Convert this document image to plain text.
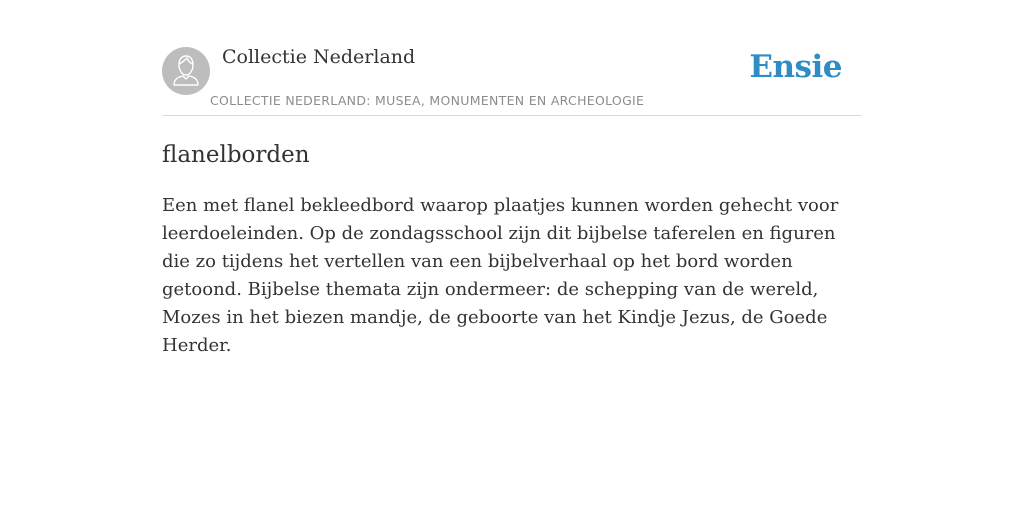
Collectie Nederland
COLLECTIE NEDERLAND: MUSEA, MONUMENTEN EN ARCHEOLOGIE
Ensie
flanelborden

Een met flanel bekleedbord waarop plaatjes kunnen worden gehecht voor leerdoeleinden. Op de zondagsschool zijn dit bijbelse taferelen en figuren die zo tijdens het vertellen van een bijbelverhaal op het bord worden getoond. Bijbelse themata zijn ondermeer: de schepping van de wereld, Mozes in het biezen mandje, de geboorte van het Kindje Jezus, de Goede Herder.
